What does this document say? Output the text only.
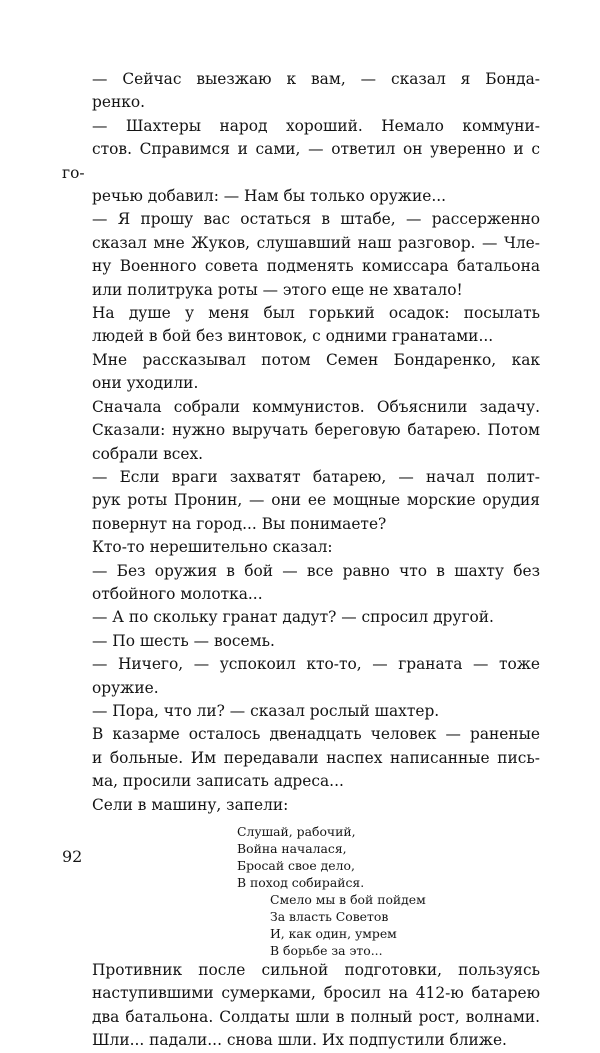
— Сейчас выезжаю к вам, — сказал я Бонда-
ренко.

— Шахтеры народ хороший. Немало коммуни-
стов. Справимся и сами, — ответил он уверенно и с го-
речью добавил: — Нам бы только оружие...

— Я прошу вас остаться в штабе, — рассерженно
сказал мне Жуков, слушавший наш разговор. — Чле-
ну Военного совета подменять комиссара батальона
или политрука роты — этого еще не хватало!

На душе у меня был горький осадок: посылать
людей в бой без винтовок, с одними гранатами...

Мне рассказывал потом Семен Бондаренко, как
они уходили.

Сначала собрали коммунистов. Объяснили задачу.
Сказали: нужно выручать береговую батарею. Потом
собрали всех.

— Если враги захватят батарею, — начал полит-
рук роты Пронин, — они ее мощные морские орудия
повернут на город... Вы понимаете?

Кто-то нерешительно сказал:

— Без оружия в бой — все равно что в шахту без
отбойного молотка...

— А по скольку гранат дадут? — спросил другой.

— По шесть — восемь.

— Ничего, — успокоил кто-то, — граната — тоже
оружие.

— Пора, что ли? — сказал рослый шахтер.

В казарме осталось двенадцать человек — раненые
и больные. Им передавали наспех написанные пись-
ма, просили записать адреса...

Сели в машину, запели:

Слушай, рабочий,
Война началася,
Бросай свое дело,
В поход собирайся.
Смело мы в бой пойдем
За власть Советов
И, как один, умрем
В борьбе за это...

Противник после сильной подготовки, пользуясь
наступившими сумерками, бросил на 412-ю батарею
два батальона. Солдаты шли в полный рост, волнами.
Шли... падали... снова шли. Их подпустили ближе.

92
